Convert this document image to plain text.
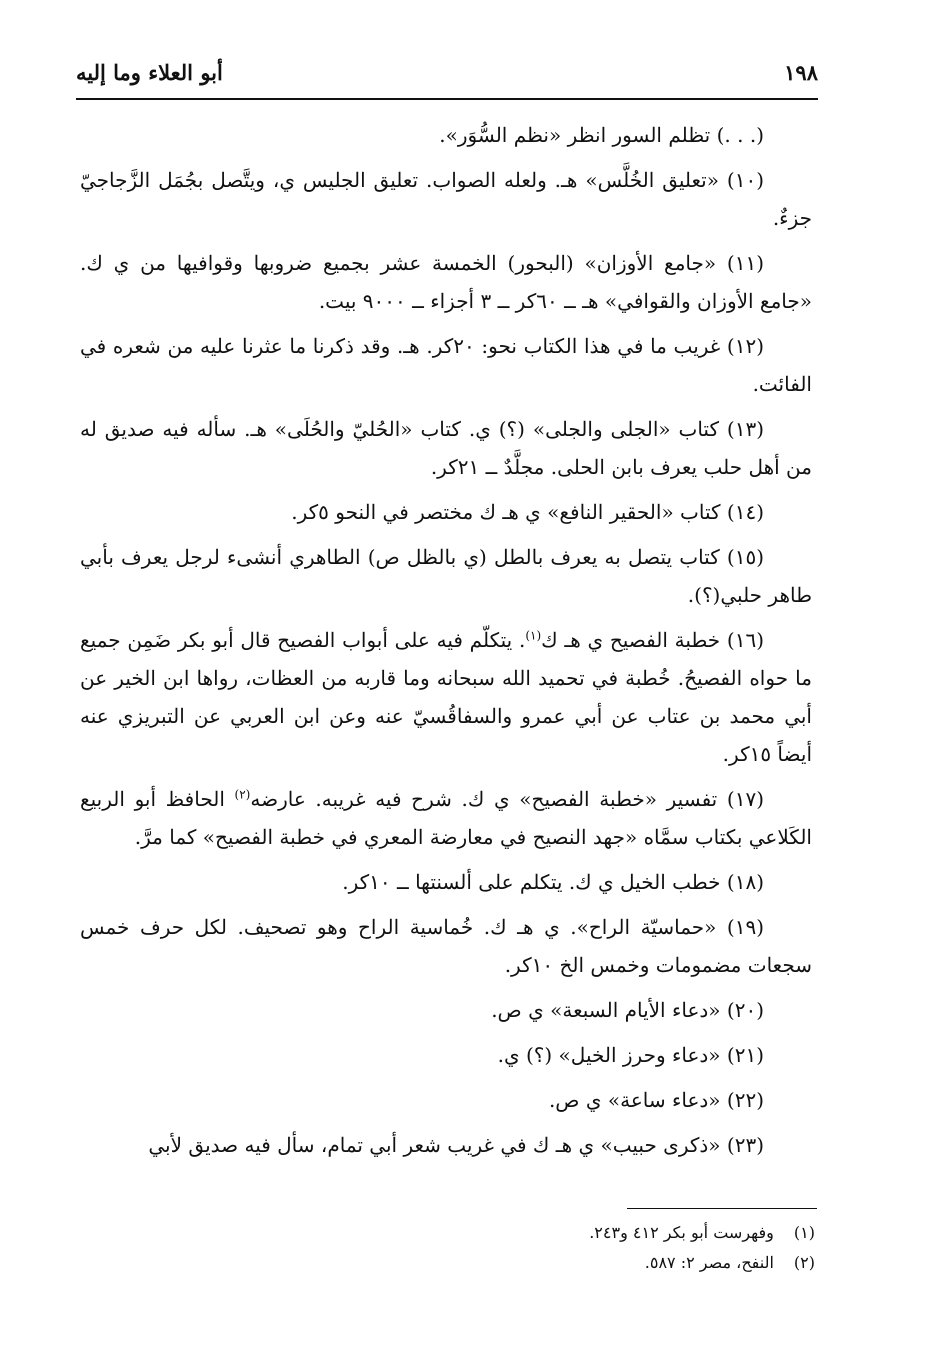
١٩٨
أبو العلاء وما إليه

(. . .) تظلم السور انظر «نظم السُّوَر».

(١٠) «تعليق الخُلَّس» هـ. ولعله الصواب. تعليق الجليس ي، ويتَّصل بجُمَل الزَّجاجيّ جزءٌ.

(١١) «جامع الأوزان» (البحور) الخمسة عشر بجميع ضروبها وقوافيها من ي ك. «جامع الأوزان والقوافي» هـ ــ ٦٠كر ــ ٣ أجزاء ــ ٩٠٠٠ بيت.

(١٢) غريب ما في هذا الكتاب نحو: ٢٠كر. هـ. وقد ذكرنا ما عثرنا عليه من شعره في الفائت.

(١٣) كتاب «الجلى والجلى» (؟) ي. كتاب «الحُليّ والحُلَى» هـ. سأله فيه صديق له من أهل حلب يعرف بابن الحلى. مجلَّدٌ ــ ٢١كر.

(١٤) كتاب «الحقير النافع» ي هـ ك مختصر في النحو ٥كر.

(١٥) كتاب يتصل به يعرف بالطل (ي بالظل ص) الطاهري أنشىء لرجل يعرف بأبي طاهر حلبي(؟).

(١٦) خطبة الفصيح ي هـ ك$^{(١)}$. يتكلّم فيه على أبواب الفصيح قال أبو بكر ضَمِن جميع ما حواه الفصيحُ. خُطبة في تحميد الله سبحانه وما قاربه من العظات، رواها ابن الخير عن أبي محمد بن عتاب عن أبي عمرو والسفاقُسيّ عنه وعن ابن العربي عن التبريزي عنه أيضاً ١٥كر.

(١٧) تفسير «خطبة الفصيح» ي ك. شرح فيه غريبه. عارضه$^{(٢)}$ الحافظ أبو الربيع الكَلاعي بكتاب سمَّاه «جهد النصيح في معارضة المعري في خطبة الفصيح» كما مرَّ.

(١٨) خطب الخيل ي ك. يتكلم على ألسنتها ــ ١٠كر.

(١٩) «حماسيّة الراح». ي هـ ك. خُماسية الراح وهو تصحيف. لكل حرف خمس سجعات مضمومات وخمس الخ ١٠كر.

(٢٠) «دعاء الأيام السبعة» ي ص.

(٢١) «دعاء وحرز الخيل» (؟) ي.

(٢٢) «دعاء ساعة» ي ص.

(٢٣) «ذكرى حبيب» ي هـ ك في غريب شعر أبي تمام، سأل فيه صديق لأبي

(١) وفهرست أبو بكر ٤١٢ و٢٤٣.
(٢) النفح، مصر ٢: ٥٨٧.
